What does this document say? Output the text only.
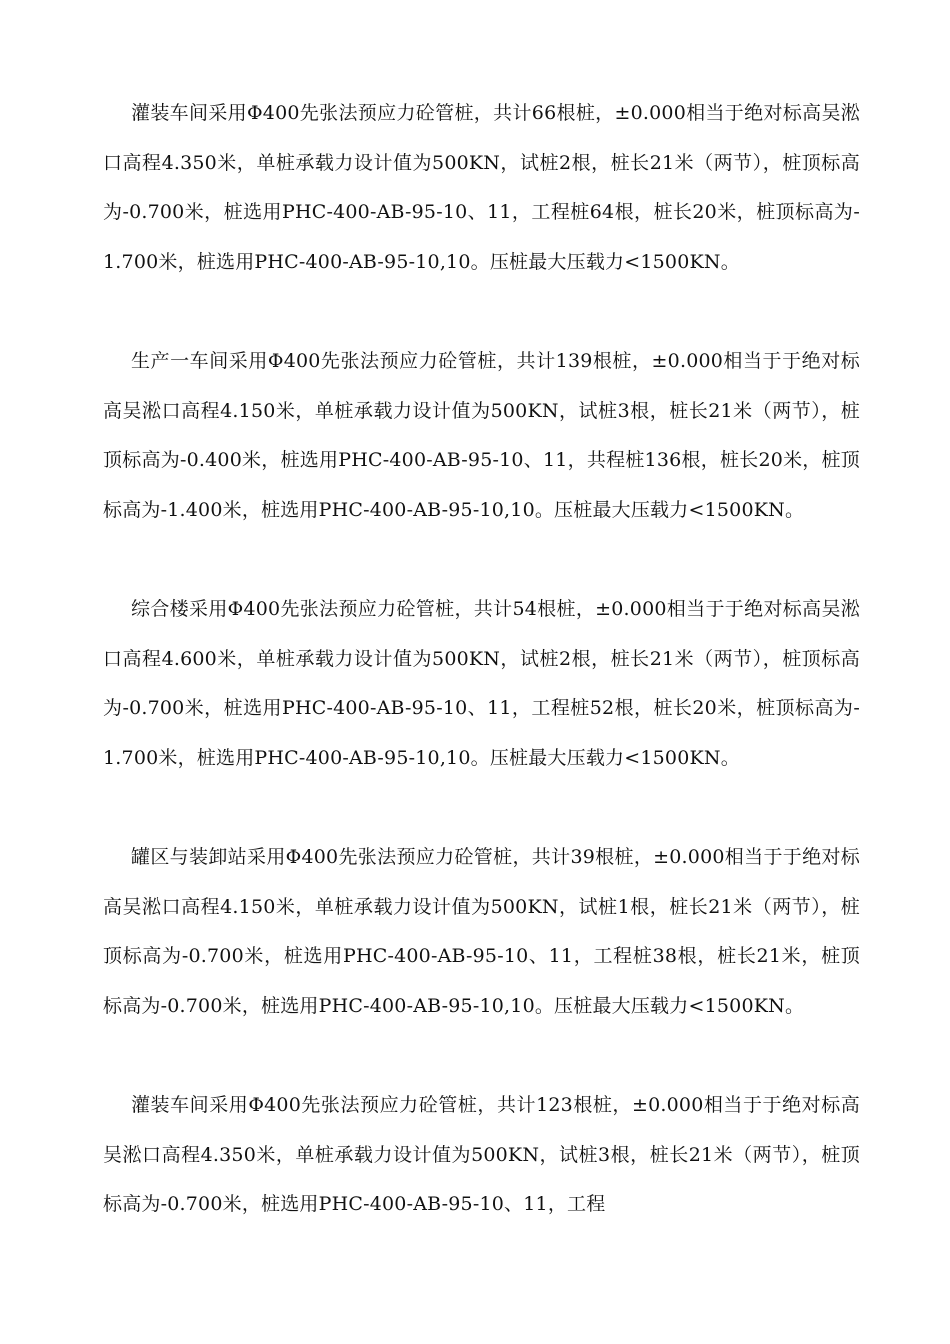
灌装车间采用Φ400先张法预应力砼管桩，共计66根桩，±0.000相当于绝对标高吴淞口高程4.350米，单桩承载力设计值为500KN，试桩2根，桩长21米（两节），桩顶标高为-0.700米，桩选用PHC-400-AB-95-10、11，工程桩64根，桩长20米，桩顶标高为-1.700米，桩选用PHC-400-AB-95-10,10。压桩最大压载力<1500KN。

生产一车间采用Φ400先张法预应力砼管桩，共计139根桩，±0.000相当于于绝对标高吴淞口高程4.150米，单桩承载力设计值为500KN，试桩3根，桩长21米（两节），桩顶标高为-0.400米，桩选用PHC-400-AB-95-10、11，共程桩136根，桩长20米，桩顶标高为-1.400米，桩选用PHC-400-AB-95-10,10。压桩最大压载力<1500KN。

综合楼采用Φ400先张法预应力砼管桩，共计54根桩，±0.000相当于于绝对标高吴淞口高程4.600米，单桩承载力设计值为500KN，试桩2根，桩长21米（两节），桩顶标高为-0.700米，桩选用PHC-400-AB-95-10、11，工程桩52根，桩长20米，桩顶标高为-1.700米，桩选用PHC-400-AB-95-10,10。压桩最大压载力<1500KN。

罐区与装卸站采用Φ400先张法预应力砼管桩，共计39根桩，±0.000相当于于绝对标高吴淞口高程4.150米，单桩承载力设计值为500KN，试桩1根，桩长21米（两节），桩顶标高为-0.700米，桩选用PHC-400-AB-95-10、11，工程桩38根，桩长21米，桩顶标高为-0.700米，桩选用PHC-400-AB-95-10,10。压桩最大压载力<1500KN。

灌装车间采用Φ400先张法预应力砼管桩，共计123根桩，±0.000相当于于绝对标高吴淞口高程4.350米，单桩承载力设计值为500KN，试桩3根，桩长21米（两节），桩顶标高为-0.700米，桩选用PHC-400-AB-95-10、11，工程
